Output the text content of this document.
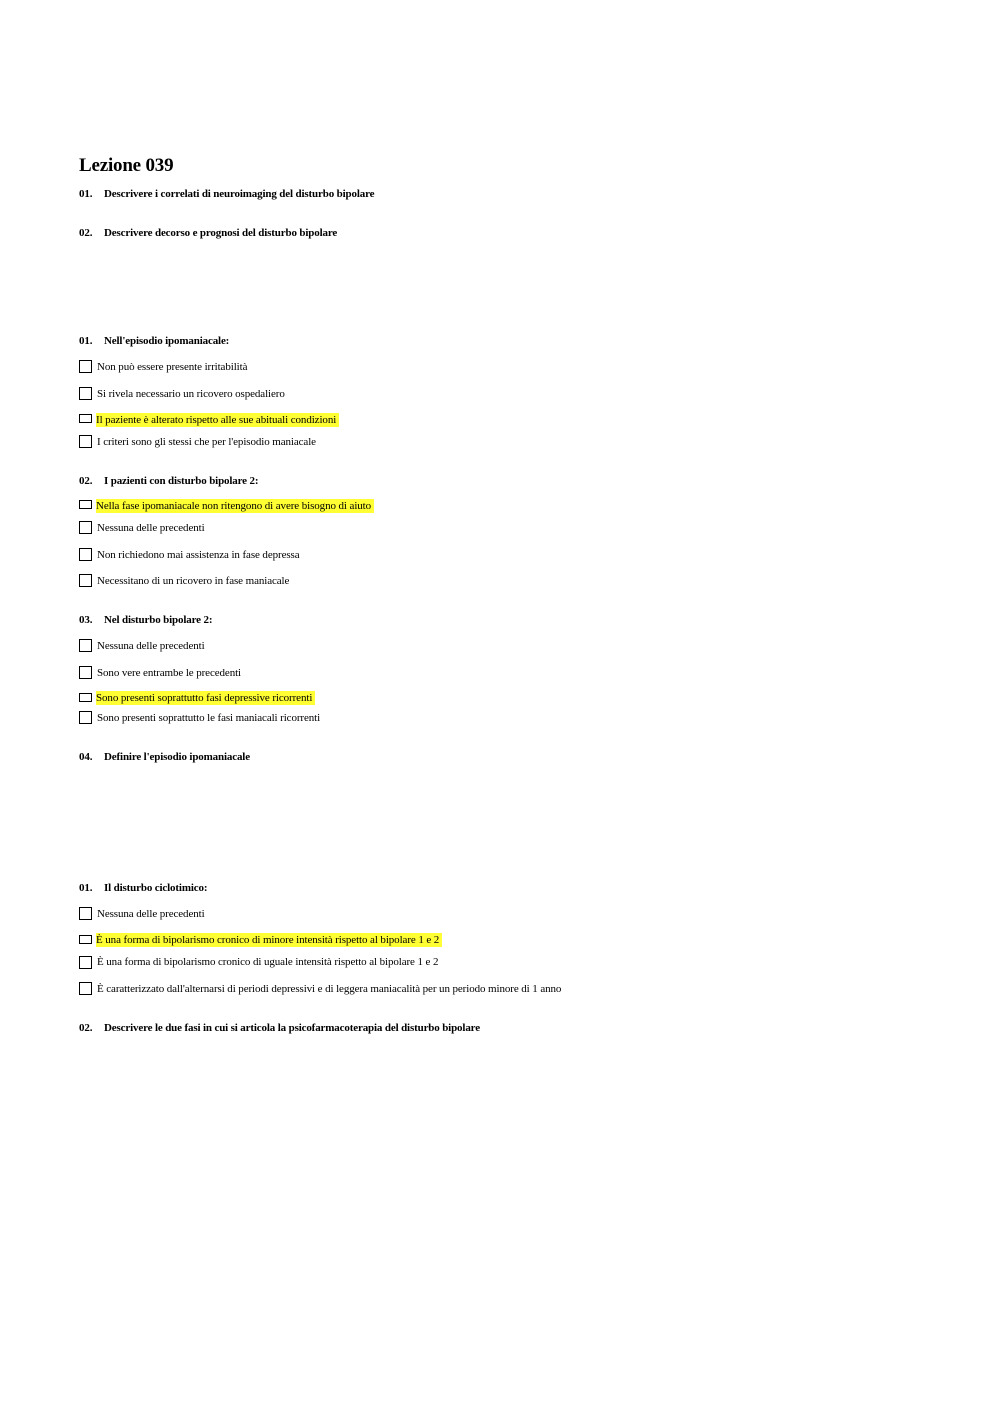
Lezione 039
01. Descrivere i correlati di neuroimaging del disturbo bipolare
02. Descrivere decorso e prognosi del disturbo bipolare
01. Nell'episodio ipomaniacale:
Non può essere presente irritabilità
Si rivela necessario un ricovero ospedaliero
Il paziente è alterato rispetto alle sue abituali condizioni
I criteri sono gli stessi che per l'episodio maniacale
02. I pazienti con disturbo bipolare 2:
Nella fase ipomaniacale non ritengono di avere bisogno di aiuto
Nessuna delle precedenti
Non richiedono mai assistenza in fase depressa
Necessitano di un ricovero in fase maniacale
03. Nel disturbo bipolare 2:
Nessuna delle precedenti
Sono vere entrambe le precedenti
Sono presenti soprattutto fasi depressive ricorrenti
Sono presenti soprattutto le fasi maniacali ricorrenti
04. Definire l'episodio ipomaniacale
01. Il disturbo ciclotimico:
Nessuna delle precedenti
È una forma di bipolarismo cronico di minore intensità rispetto al bipolare 1 e 2
È una forma di bipolarismo cronico di uguale intensità rispetto al bipolare 1 e 2
È caratterizzato dall'alternarsi di periodi depressivi e di leggera maniacalità per un periodo minore di 1 anno
02. Descrivere le due fasi in cui si articola la psicofarmacoterapia del disturbo bipolare
